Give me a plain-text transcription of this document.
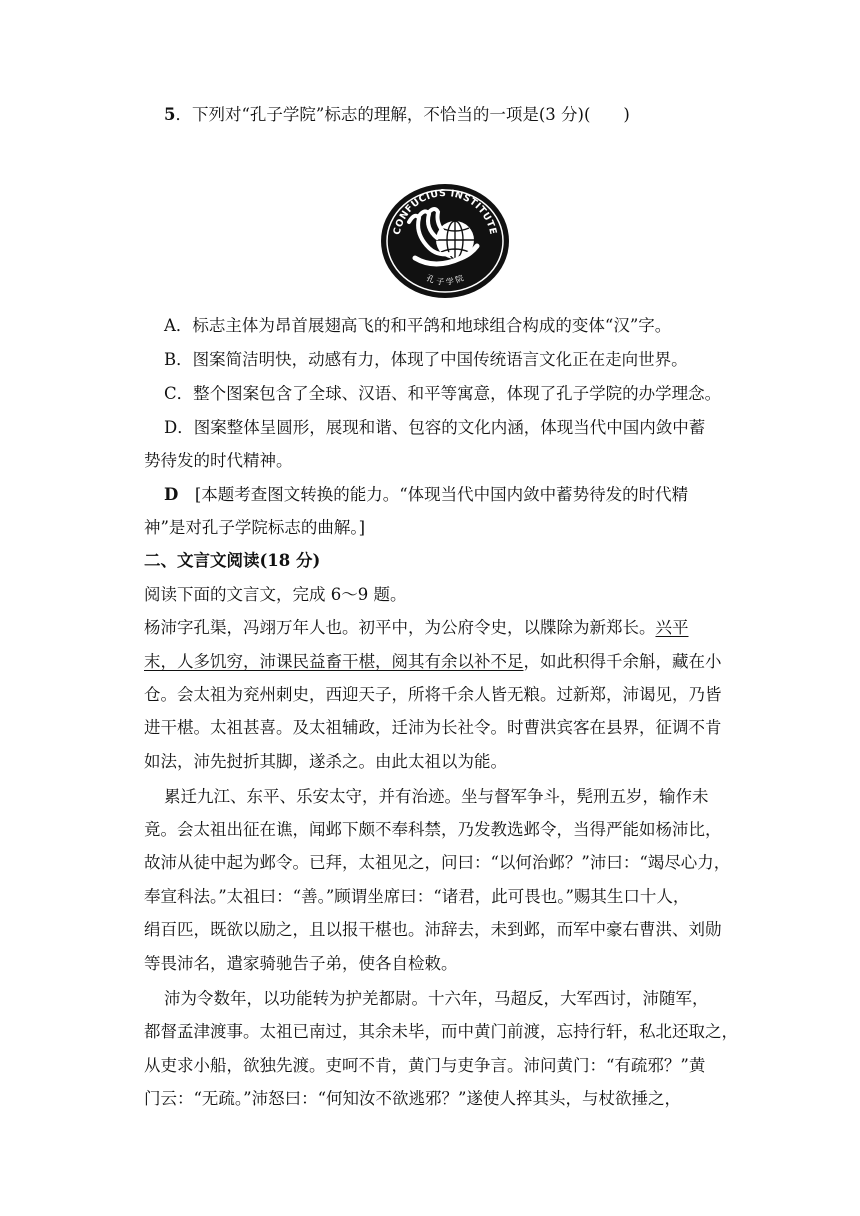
5．下列对“孔子学院”标志的理解，不恰当的一项是(3 分)(　　)
CONFUCIUS INSTITUTE
孔 子 学 院
A．标志主体为昂首展翅高飞的和平鸽和地球组合构成的变体“汉”字。
B．图案简洁明快，动感有力，体现了中国传统语言文化正在走向世界。
C．整个图案包含了全球、汉语、和平等寓意，体现了孔子学院的办学理念。
D．图案整体呈圆形，展现和谐、包容的文化内涵，体现当代中国内敛中蓄
势待发的时代精神。
D　[本题考查图文转换的能力。“体现当代中国内敛中蓄势待发的时代精
神”是对孔子学院标志的曲解。]
二、文言文阅读(18 分)
阅读下面的文言文，完成 6～9 题。
杨沛字孔渠，冯翊万年人也。初平中，为公府令史，以牒除为新郑长。兴平
末，人多饥穷，沛课民益畜干椹，阅其有余以补不足，如此积得千余斛，藏在小
仓。会太祖为兖州刺史，西迎天子，所将千余人皆无粮。过新郑，沛谒见，乃皆
进干椹。太祖甚喜。及太祖辅政，迁沛为长社令。时曹洪宾客在县界，征调不肯
如法，沛先挝折其脚，遂杀之。由此太祖以为能。
累迁九江、东平、乐安太守，并有治迹。坐与督军争斗，髡刑五岁，输作未
竟。会太祖出征在谯，闻邺下颇不奉科禁，乃发教选邺令，当得严能如杨沛比，
故沛从徒中起为邺令。已拜，太祖见之，问曰：“以何治邺？”沛曰：“竭尽心力，
奉宣科法。”太祖曰：“善。”顾谓坐席曰：“诸君，此可畏也。”赐其生口十人，
绢百匹，既欲以励之，且以报干椹也。沛辞去，未到邺，而军中豪右曹洪、刘勋
等畏沛名，遣家骑驰告子弟，使各自检敕。
沛为令数年，以功能转为护羌都尉。十六年，马超反，大军西讨，沛随军，
都督孟津渡事。太祖已南过，其余未毕，而中黄门前渡，忘持行轩，私北还取之，
从吏求小船，欲独先渡。吏呵不肯，黄门与吏争言。沛问黄门：“有疏邪？”黄
门云：“无疏。”沛怒曰：“何知汝不欲逃邪？”遂使人捽其头，与杖欲捶之，
